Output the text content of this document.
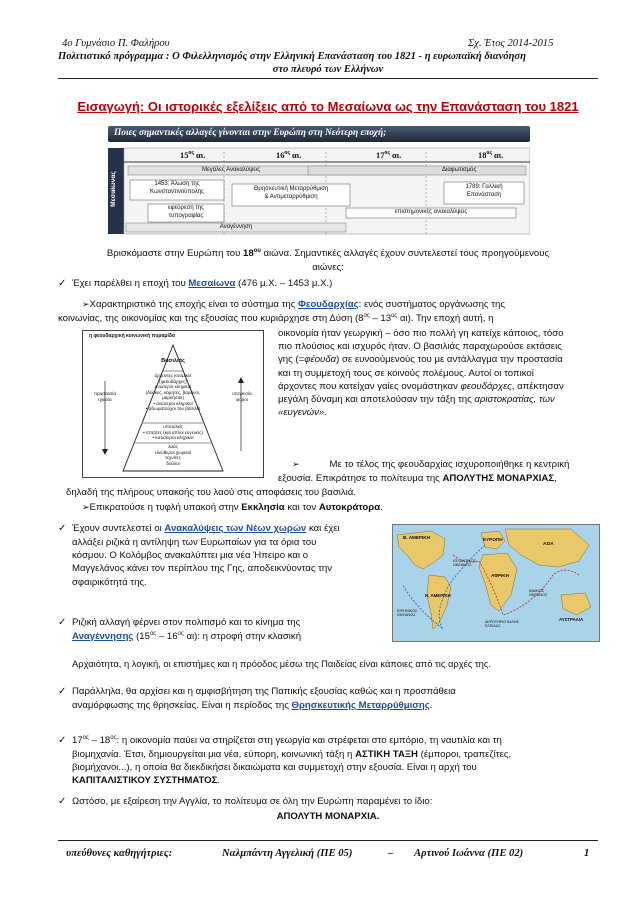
4ο Γυμνάσιο Π. Φαλήρου	Σχ. Έτος 2014-2015
Πολιτιστικό πρόγραμμα : Ο Φιλελληνισμός στην Ελληνική Επανάσταση του 1821 - η ευρωπαϊκή διανόηση
στο πλευρό των Ελλήνων
Εισαγωγή: Οι ιστορικές εξελίξεις από το Μεσαίωνα ως την Επανάσταση του 1821
Ποιες σημαντικές αλλαγές γίνονται στην Ευρώπη στη Νεότερη εποχή;
Μεσαίωνας
$15^{o\varsigma}$ αι.	$16^{o\varsigma}$ αι.	$17^{o\varsigma}$ αι.	$18^{o\varsigma}$ αι.
Μεγάλες Ανακαλύψεις	Διαφωτισμός
1453: Άλωση της
Κωνσταντινούπολης	Θρησκευτική Μεταρρύθμιση
& Αντιμεταρρύθμιση
1789: Γαλλική
Επανάσταση
εφεύρεση της
τυπογραφίας
επιστημονικές ανακαλύψεις
Αναγέννηση
Βρισκόμαστε στην Ευρώπη του $18^{o\upsilon}$ αιώνα. Σημαντικές αλλαγές έχουν συντελεστεί τους προηγούμενους
αιώνες:
✓ Έχει παρέλθει η εποχή του Μεσαίωνα (476 μ.Χ. – 1453 μ.Χ.)
➢Χαρακτηριστικό της εποχής είναι το σύστημα της Φεουδαρχίας: ενός συστήματος οργάνωσης της
κοινωνίας, της οικονομίας και της εξουσίας που κυριάρχησε στη Δύση ($8^{o\varsigma} - 13^{o\varsigma}$ αι). Την εποχή αυτή, η
η φεουδαρχική κοινωνική πυραμίδα
Βασιλιάς
άρχοντες κοσμικοί
(φεουδάρχες)
ανώτεροι κληρικοί
(δούκες, κόμητες, βαρόνοι,
μαρκήσιοι)
• ανώτεροι κληρικοί
• αξιωματούχοι του βασιλιά
υποτελείς
• ιππότες (και απλοί ευγενείς)
• κατώτεροι κληρικοί
λαός
ελεύθεροι χωρικοί
τεχνίτες
δούλοι
προστασία
ηγεσία
υπηρεσία
φόροι
οικονομία ήταν γεωργική – όσο πιο πολλή γη κατείχε κάποιος, τόσο
πιο πλούσιος και ισχυρός ήταν. Ο βασιλιάς παραχωρούσε εκτάσεις
γης (=φέουδα) σε ευνοούμενούς του με αντάλλαγμα την προστασία
και τη συμμετοχή τους σε κοινούς πολέμους. Αυτοί οι τοπικοί
άρχοντες που κατείχαν γαίες ονομάστηκαν φεουδάρχες, απέκτησαν
μεγάλη δύναμη και αποτελούσαν την τάξη της αριστοκρατίας, των
«ευγενών».
➢	Με το τέλος της φεουδαρχίας ισχυροποιήθηκε η κεντρική
εξουσία. Επικράτησε το πολίτευμα της ΑΠΟΛΥΤΗΣ ΜΟΝΑΡΧΙΑΣ,
δηλαδή της πλήρους υπακοής του λαού στις αποφάσεις του βασιλιά.
➢Επικρατούσε η τυφλή υπακοή στην Εκκλησία και τον Αυτοκράτορα.
✓ Έχουν συντελεστεί οι Ανακαλύψεις των Νέων χωρών και έχει
αλλάξει ριζικά η αντίληψη των Ευρωπαίων για τα όρια του
κόσμου. Ο Κολόμβος ανακαλύπτει μια νέα Ήπειρο και ο
Μαγγελάνος κάνει τον περίπλου της Γης, αποδεικνύοντας την
σφαιρικότητά της.
Β. ΑΜΕΡΙΚΗ	ΕΥΡΩΠΗ
ΑΣΙΑ
ΑΦΡΙΚΗ
Ν. ΑΜΕΡΙΚΗ
ΑΥΣΤΡΑΛΙΑ
ΑΤΛΑΝΤΙΚΟΣ ΩΚΕΑΝΟΣ
ΕΙΡΗΝΙΚΟΣ ΩΚΕΑΝΟΣ
ΙΝΔΙΚΟΣ ΩΚΕΑΝΟΣ
ΑΚΡΩΤΗΡΙΟ ΚΑΛΗΣ ΕΛΠΙΔΑΣ
✓ Ριζική αλλαγή φέρνει στον πολιτισμό και το κίνημα της
Αναγέννησης ($15^{o\varsigma} - 16^{o\varsigma}$ αι): η στροφή στην κλασική
Αρχαιότητα, η λογική, οι επιστήμες και η πρόοδος μέσω της Παιδείας είναι κάποιες από τις αρχές της.
✓ Παράλληλα, θα αρχίσει και η αμφισβήτηση της Παπικής εξουσίας καθώς και η προσπάθεια
αναμόρφωσης της θρησκείας. Είναι η περίοδος της Θρησκευτικής Μεταρρύθμισης.
✓ $17^{o\varsigma} - 18^{o\varsigma}$: η οικονομία παύει να στηρίζεται στη γεωργία και στρέφεται στο εμπόριο, τη ναυτιλία και τη
βιομηχανία. Έτσι, δημιουργείται μια νέα, εύπορη, κοινωνική τάξη η ΑΣΤΙΚΗ ΤΑΞΗ (έμποροι, τραπεζίτες,
βιομήχανοι...), η οποία θα διεκδικήσει δικαιώματα και συμμετοχή στην εξουσία. Είναι η αρχή του
ΚΑΠΙΤΑΛΙΣΤΙΚΟΥ ΣΥΣΤΗΜΑΤΟΣ.
✓ Ωστόσο, με εξαίρεση την Αγγλία, το πολίτευμα σε όλη την Ευρώπη παραμένει το ίδιο:
ΑΠΟΛΥΤΗ ΜΟΝΑΡΧΙΑ.
υπεύθυνες καθηγήτριες:	Ναλμπάντη Αγγελική (ΠΕ 05)	– Αρτινού Ιωάννα (ΠΕ 02)	1
